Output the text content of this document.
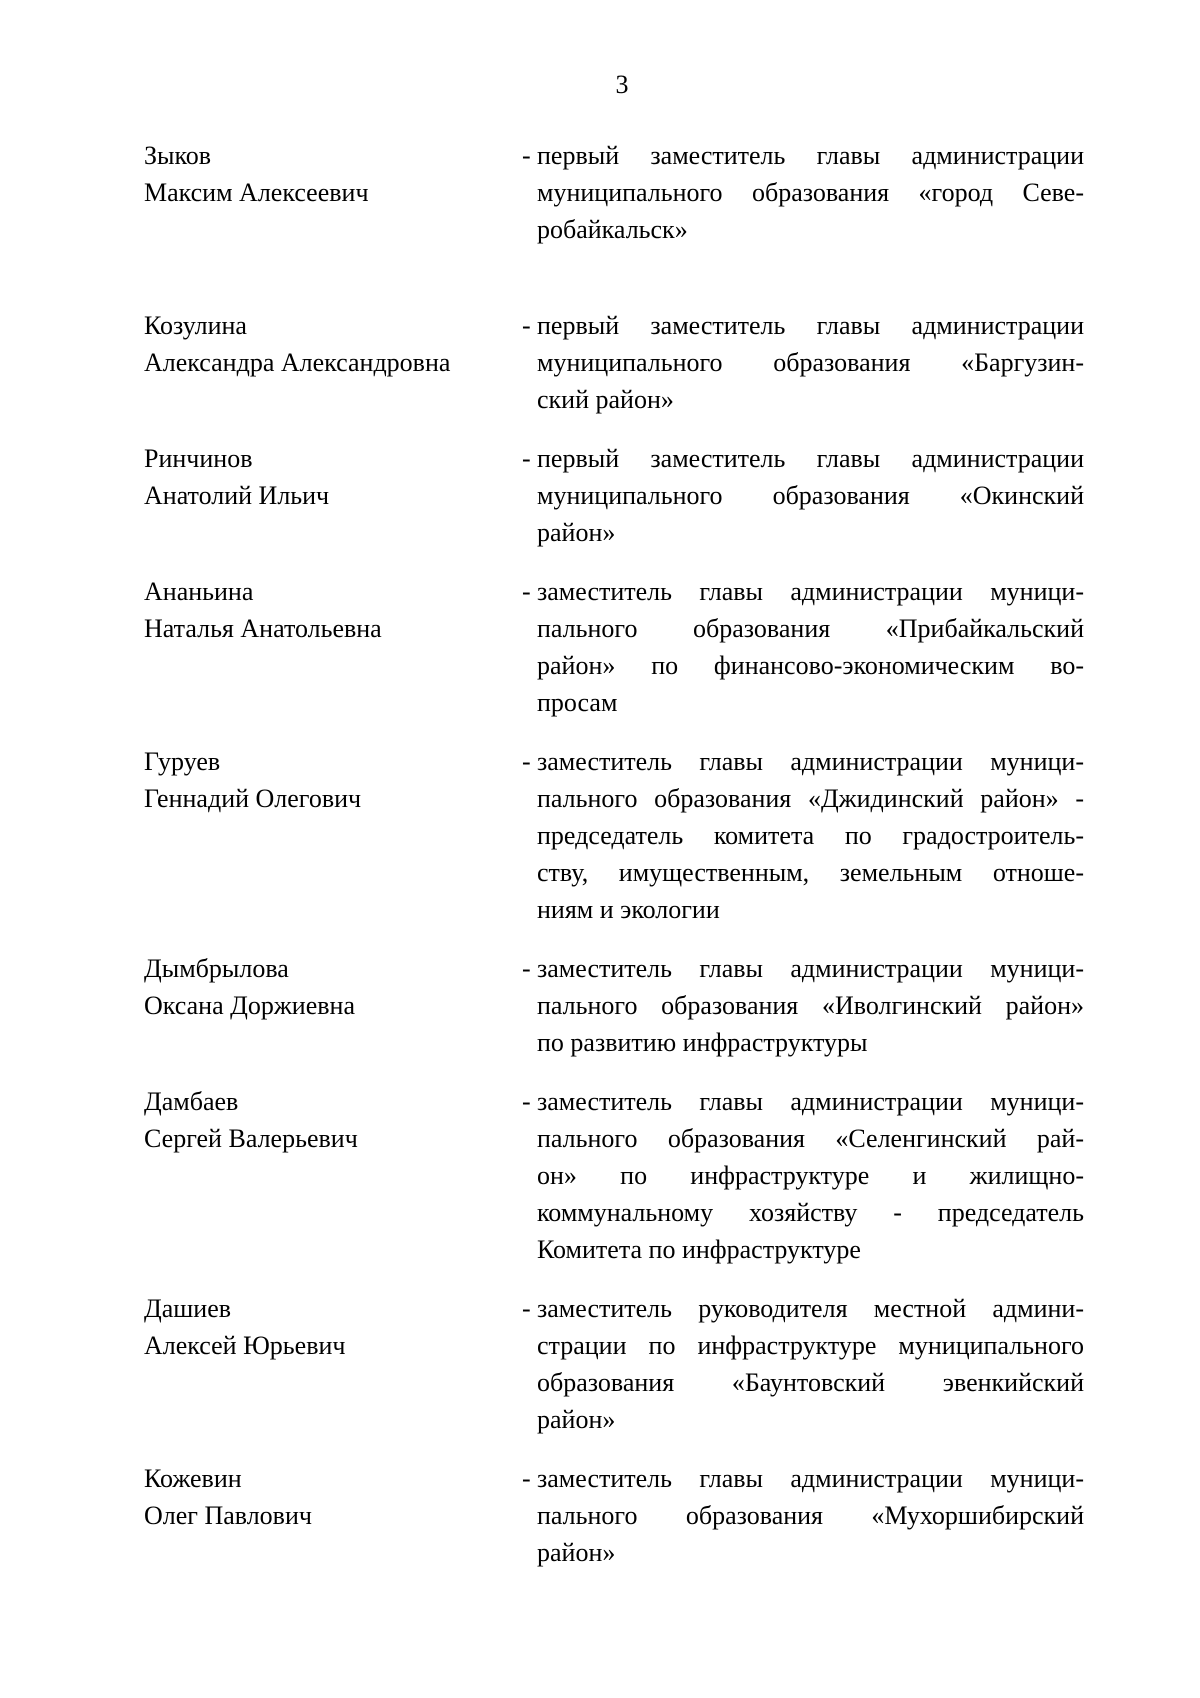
3
Зыков
Максим Алексеевич
- первый заместитель главы администрации
муниципального образования «город Севе-
робайкальск»
Козулина
Александра Александровна
- первый заместитель главы администрации
муниципального образования «Баргузин-
ский район»
Ринчинов
Анатолий Ильич
- первый заместитель главы администрации
муниципального образования «Окинский
район»
Ананьина
Наталья Анатольевна
- заместитель главы администрации муници-
пального образования «Прибайкальский
район» по финансово-экономическим во-
просам
Гуруев
Геннадий Олегович
- заместитель главы администрации муници-
пального образования «Джидинский район» -
председатель комитета по градостроитель-
ству, имущественным, земельным отноше-
ниям и экологии
Дымбрылова
Оксана Доржиевна
- заместитель главы администрации муници-
пального образования «Иволгинский район»
по развитию инфраструктуры
Дамбаев
Сергей Валерьевич
- заместитель главы администрации муници-
пального образования «Селенгинский рай-
он» по инфраструктуре и жилищно-
коммунальному хозяйству - председатель
Комитета по инфраструктуре
Дашиев
Алексей Юрьевич
- заместитель руководителя местной админи-
страции по инфраструктуре муниципального
образования «Баунтовский эвенкийский
район»
Кожевин
Олег Павлович
- заместитель главы администрации муници-
пального образования «Мухоршибирский
район»
